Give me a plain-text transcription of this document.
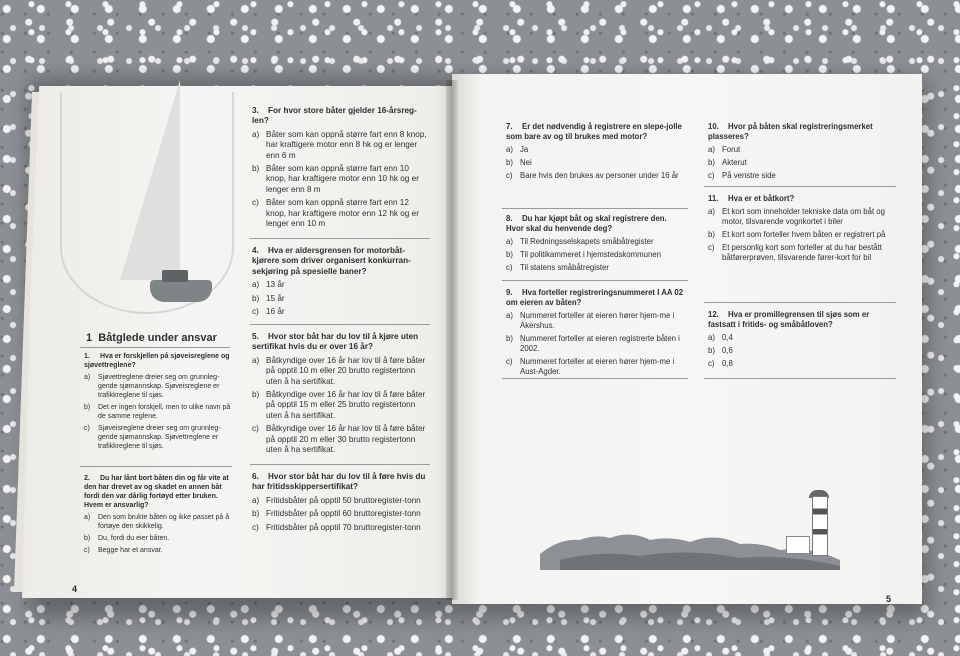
1 Båtglede under ansvar
1. Hva er forskjellen på sjøveisreglene og sjøvettreglene?
a)	Sjøvettreglene dreier seg om grunnleg-gende sjømannskap. Sjøveisreglene er trafikkreglene til sjøs.
b)	Det er ingen forskjell, men to ulike navn på de samme reglene.
c)	Sjøveisreglene dreier seg om grunnleg-gende sjømannskap. Sjøvettreglene er trafikkreglene til sjøs.
2. Du har lånt bort båten din og får vite at den har drevet av og skadet en annen båt fordi den var dårlig fortøyd etter bruken. Hvem er ansvarlig?
a)	Den som brukte båten og ikke passet på å fortøye den skikkelig.
b)	Du, fordi du eier båten.
c)	Begge har et ansvar.
4
3. For hvor store båter gjelder 16-årsreg-len?
a) Båter som kan oppnå større fart enn 8 knop, har kraftigere motor enn 8 hk og er lenger enn 6 m
b) Båter som kan oppnå større fart enn 10 knop, har kraftigere motor enn 10 hk og er lenger enn 8 m
c) Båter som kan oppnå større fart enn 12 knop, har kraftigere motor enn 12 hk og er lenger enn 10 m
4. Hva er aldersgrensen for motorbåt-kjørere som driver organisert konkurran-sekjøring på spesielle baner?
a) 13 år
b) 15 år
c) 16 år
5. Hvor stor båt har du lov til å kjøre uten sertifikat hvis du er over 16 år?
a) Båtkyndige over 16 år har lov til å føre båter på opptil 10 m eller 20 brutto registertonn uten å ha sertifikat.
b) Båtkyndige over 16 år har lov til å føre båter på opptil 15 m eller 25 brutto registertonn uten å ha sertifikat.
c) Båtkyndige over 16 år har lov til å føre båter på opptil 20 m eller 30 brutto registertonn uten å ha sertifikat.
6. Hvor stor båt har du lov til å føre hvis du har fritidsskippersertifikat?
a) Fritidsbåter på opptil 50 bruttoregister-tonn
b) Fritidsbåter på opptil 60 bruttoregister-tonn
c) Fritidsbåter på opptil 70 bruttoregister-tonn
7. Er det nødvendig å registrere en slepe-jolle som bare av og til brukes med motor?
a) Ja
b) Nei
c) Bare hvis den brukes av personer under 16 år
8. Du har kjøpt båt og skal registrere den. Hvor skal du henvende deg?
a) Til Redningsselskapets småbåtregister
b) Til politikammeret i hjemstedskommunen
c) Til statens småbåtregister
9. Hva forteller registreringsnummeret I AA 02 om eieren av båten?
a) Nummeret forteller at eieren hører hjem-me i Akershus.
b) Nummeret forteller at eieren registrerte båten i 2002.
c) Nummeret forteller at eieren hører hjem-me i Aust-Agder.
10. Hvor på båten skal registreringsmerket plasseres?
a) Forut
b) Akterut
c) På venstre side
11. Hva er et båtkort?
a) Et kort som inneholder tekniske data om båt og motor, tilsvarende vognkortet i biler
b) Et kort som forteller hvem båten er registrert på
c) Et personlig kort som forteller at du har bestått båtførerprøven, tilsvarende fører-kort for bil
12. Hva er promillegrensen til sjøs som er fastsatt i fritids- og småbåtloven?
a) 0,4
b) 0,6
c) 0,8
5
